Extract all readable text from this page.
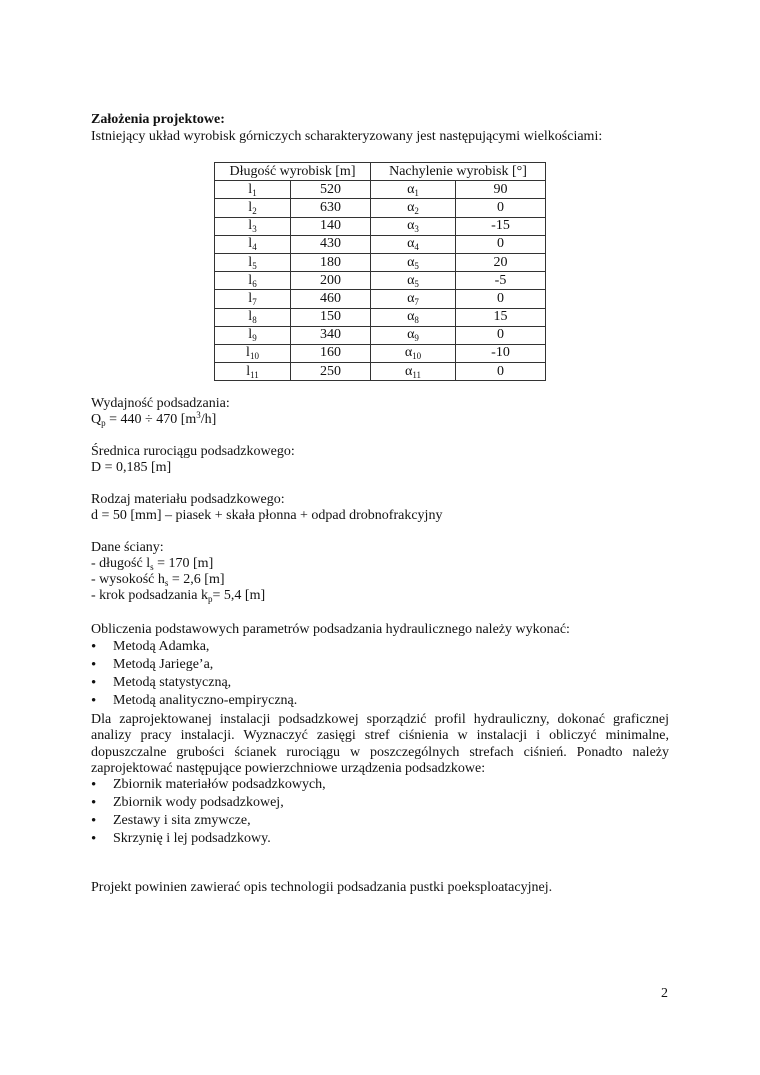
Założenia projektowe:
Istniejący układ wyrobisk górniczych scharakteryzowany jest następującymi wielkościami:
Długość wyrobisk [m]		Nachylenie wyrobisk [°]	
$l_1$	520	$\alpha_1$	90
$l_2$	630	$\alpha_2$	0
$l_3$	140	$\alpha_3$	-15
$l_4$	430	$\alpha_4$	0
$l_5$	180	$\alpha_5$	20
$l_6$	200	$\alpha_5$	-5
$l_7$	460	$\alpha_7$	0
$l_8$	150	$\alpha_8$	15
$l_9$	340	$\alpha_9$	0
$l_{10}$	160	$\alpha_{10}$	-10
$l_{11}$	250	$\alpha_{11}$	0
Wydajność podsadzania:
$Q_p = 440 \div 470$ $[m^3/h]$
Średnica rurociągu podsadzkowego:
D = 0,185 [m]
Rodzaj materiału podsadzkowego:
d = 50 [mm] – piasek + skała płonna + odpad drobnofrakcyjny
Dane ściany:
- długość $l_s = 170$ [m]
- wysokość $h_s = 2,6$ [m]
- krok podsadzania $k_p= 5,4$ [m]
Obliczenia podstawowych parametrów podsadzania hydraulicznego należy wykonać:
• Metodą Adamka,
• Metodą Jariege’a,
• Metodą statystyczną,
• Metodą analityczno-empiryczną.
Dla zaprojektowanej instalacji podsadzkowej sporządzić profil hydrauliczny, dokonać graficznej analizy pracy instalacji. Wyznaczyć zasięgi stref ciśnienia w instalacji i obliczyć minimalne, dopuszczalne grubości ścianek rurociągu w poszczególnych strefach ciśnień. Ponadto należy zaprojektować następujące powierzchniowe urządzenia podsadzkowe:
• Zbiornik materiałów podsadzkowych,
• Zbiornik wody podsadzkowej,
• Zestawy i sita zmywcze,
• Skrzynię i lej podsadzkowy.
Projekt powinien zawierać opis technologii podsadzania pustki poeksploatacyjnej.
2
